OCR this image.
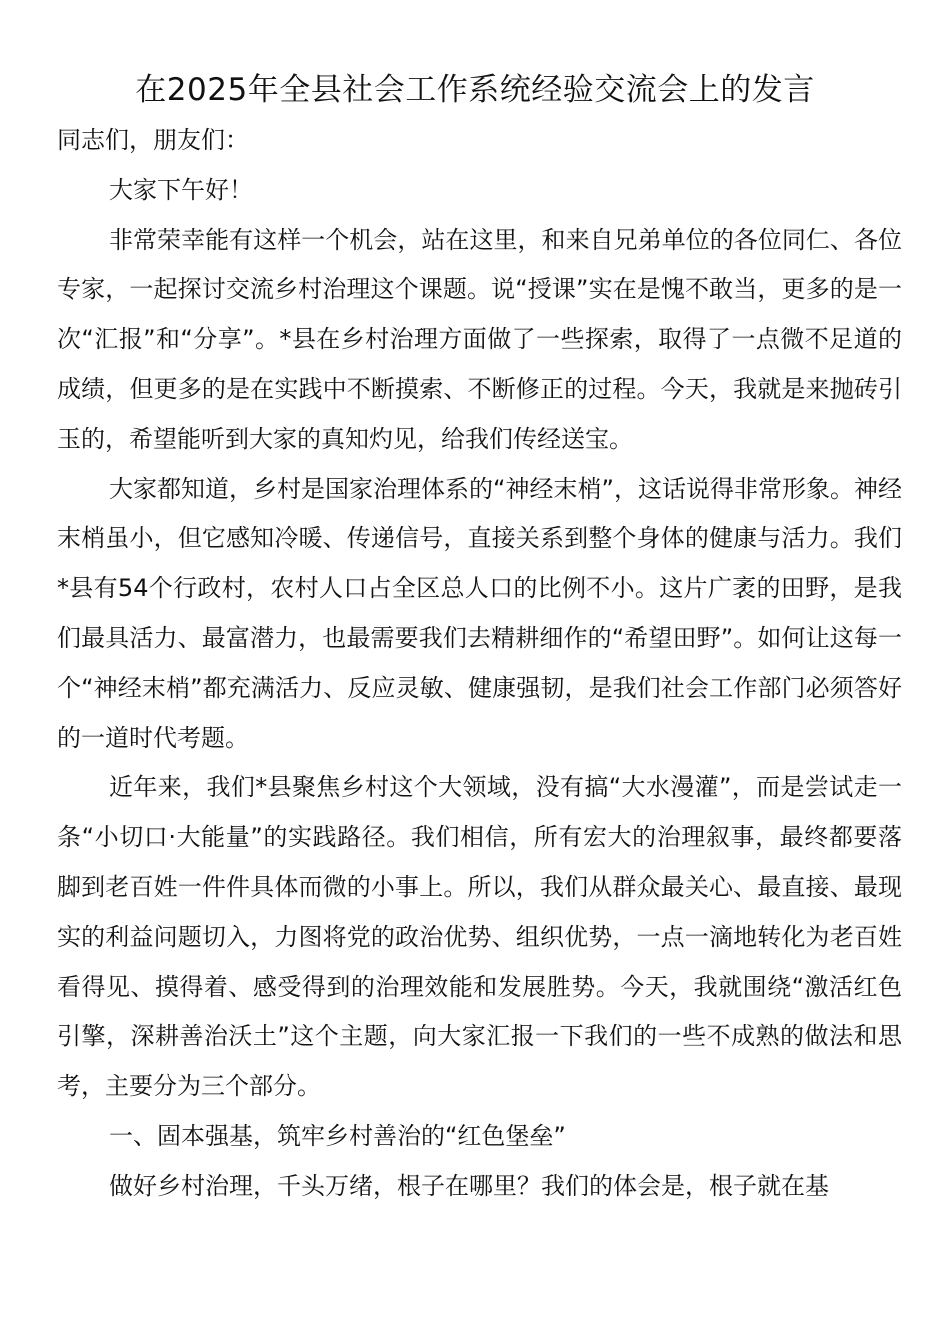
在2025年全县社会工作系统经验交流会上的发言

同志们，朋友们：

大家下午好！

非常荣幸能有这样一个机会，站在这里，和来自兄弟单位的各位同仁、各位专家，一起探讨交流乡村治理这个课题。说“授课”实在是愧不敢当，更多的是一次“汇报”和“分享”。*县在乡村治理方面做了一些探索，取得了一点微不足道的成绩，但更多的是在实践中不断摸索、不断修正的过程。今天，我就是来抛砖引玉的，希望能听到大家的真知灼见，给我们传经送宝。

大家都知道，乡村是国家治理体系的“神经末梢”，这话说得非常形象。神经末梢虽小，但它感知冷暖、传递信号，直接关系到整个身体的健康与活力。我们*县有54个行政村，农村人口占全区总人口的比例不小。这片广袤的田野，是我们最具活力、最富潜力，也最需要我们去精耕细作的“希望田野”。如何让这每一个“神经末梢”都充满活力、反应灵敏、健康强韧，是我们社会工作部门必须答好的一道时代考题。

近年来，我们*县聚焦乡村这个大领域，没有搞“大水漫灌”，而是尝试走一条“小切口·大能量”的实践路径。我们相信，所有宏大的治理叙事，最终都要落脚到老百姓一件件具体而微的小事上。所以，我们从群众最关心、最直接、最现实的利益问题切入，力图将党的政治优势、组织优势，一点一滴地转化为老百姓看得见、摸得着、感受得到的治理效能和发展胜势。今天，我就围绕“激活红色引擎，深耕善治沃土”这个主题，向大家汇报一下我们的一些不成熟的做法和思考，主要分为三个部分。

一、固本强基，筑牢乡村善治的“红色堡垒”

做好乡村治理，千头万绪，根子在哪里？我们的体会是，根子就在基
